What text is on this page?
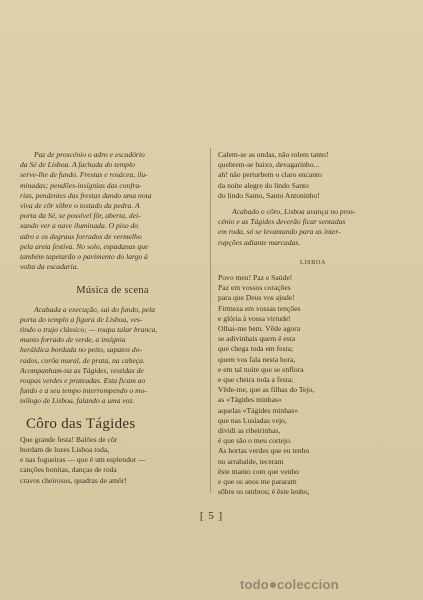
Paz de proscénio o adro e escadório
da Sé de Lisboa. A fachada do templo
serve-lhe de fundo. Frestas e rosácea, ilu-
minadas; pendões-insígnias das confra-
rias, pendentes das frestas dando uma nota
viva de côr sôbre o tostado da pedra. A
porta da Sé, se possível fôr, aberta, dei-
xando ver a nave iluminada. O piso do
adro e os degraus forrados de vermelho
pela areia festiva. No solo, espadanas que
também tapetarão o pavimento do largo à
volta da escadaria.
Música de scena
Acabada a execução, sai do fundo, pela
porta do templo a figura de Lisboa, ves-
tindo o trajo clássico; — roupa talar branca,
manto forrado de verde, a insígnia
heráldica bordada no peito, sapatos do-
rados, corôa mural, de prata, na cabeça.
Acompanham-na as Tágides, vestidas de
roupas verdes e prateadas. Esta ficam ao
fundo e a seu tempo interrompendo o mo-
nólogo de Lisboa, falando a uma voz.
Côro das Tágides
Que grande festa! Balões de côr
bordam de luzes Lisboa toda,
e nas fogueiras — que é um esplendor —
canções bonitas, danças de roda
cravos cheirosos, quadras de amôr!
Calem-se as ondas, não rolem tanto!
quebrem-se baixo, devagarinho...
ah! não perturbem o claro encanto
da noite alegre do lindo Santo
do lindo Santo, Santo Antoninho!
Acabado o côro, Lisboa avança no pros-
cénio e as Tágides deverão ficar sentadas
em roda, só se levantando para as inter-
rupções adiante marcadas.
LISBOA
Povo meu! Paz e Saúde!
Paz em vossos corações
para que Deus vos ajude!
Firmeza em vossas tenções
e glória à vossa virtude!
Olhai-me bem. Vêde agora
se adivinhais quem é esta
que chega toda em festa;
quem vos fala nesta hora,
e em tal noite que se enflora
e que cheira toda a festa;
Vêde-me, que as filhas do Tejo,
as «Tágides minhas»
aquelas «Tágides minhas»
que nas Lusíadas vejo,
dividi as ribeirinhas,
é que são o meu cortejo.
As hortas verdes que eu tenho
no arrabalde, teceram
êste manto com que venho
e que os anos me pararam
sôbre os ombros; é êste lenho,
[ 5 ]
todo coleccion
